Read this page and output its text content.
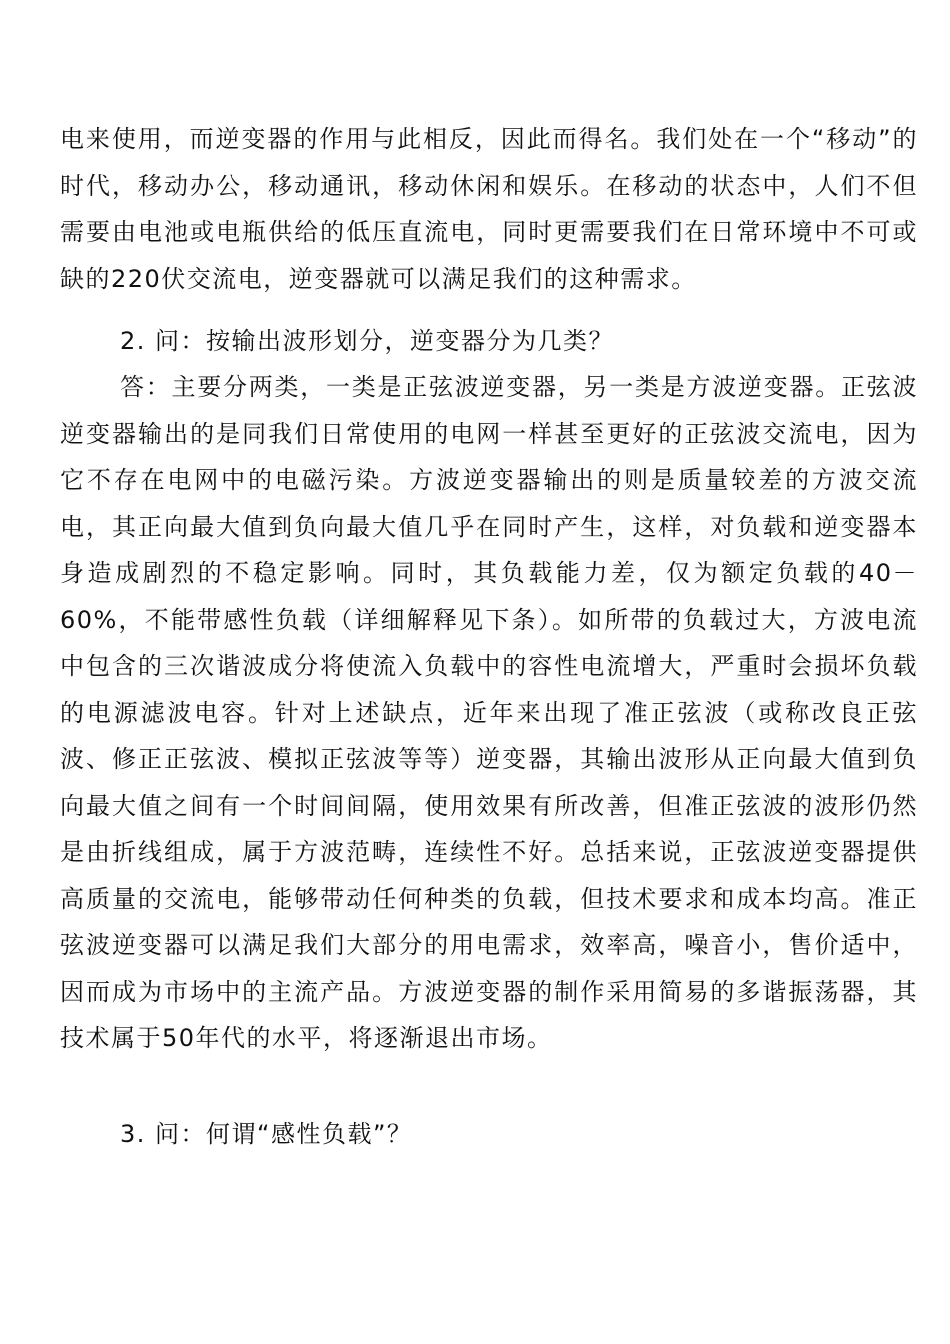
电来使用，而逆变器的作用与此相反，因此而得名。我们处在一个“移动”的时代，移动办公，移动通讯，移动休闲和娱乐。在移动的状态中，人们不但需要由电池或电瓶供给的低压直流电，同时更需要我们在日常环境中不可或缺的220伏交流电，逆变器就可以满足我们的这种需求。

2. 问：按输出波形划分，逆变器分为几类？

答：主要分两类，一类是正弦波逆变器，另一类是方波逆变器。正弦波逆变器输出的是同我们日常使用的电网一样甚至更好的正弦波交流电，因为它不存在电网中的电磁污染。方波逆变器输出的则是质量较差的方波交流电，其正向最大值到负向最大值几乎在同时产生，这样，对负载和逆变器本身造成剧烈的不稳定影响。同时，其负载能力差，仅为额定负载的40－60%，不能带感性负载（详细解释见下条）。如所带的负载过大，方波电流中包含的三次谐波成分将使流入负载中的容性电流增大，严重时会损坏负载的电源滤波电容。针对上述缺点，近年来出现了准正弦波（或称改良正弦波、修正正弦波、模拟正弦波等等）逆变器，其输出波形从正向最大值到负向最大值之间有一个时间间隔，使用效果有所改善，但准正弦波的波形仍然是由折线组成，属于方波范畴，连续性不好。总括来说，正弦波逆变器提供高质量的交流电，能够带动任何种类的负载，但技术要求和成本均高。准正弦波逆变器可以满足我们大部分的用电需求，效率高，噪音小，售价适中，因而成为市场中的主流产品。方波逆变器的制作采用简易的多谐振荡器，其技术属于50年代的水平，将逐渐退出市场。

3. 问：何谓“感性负载”？
